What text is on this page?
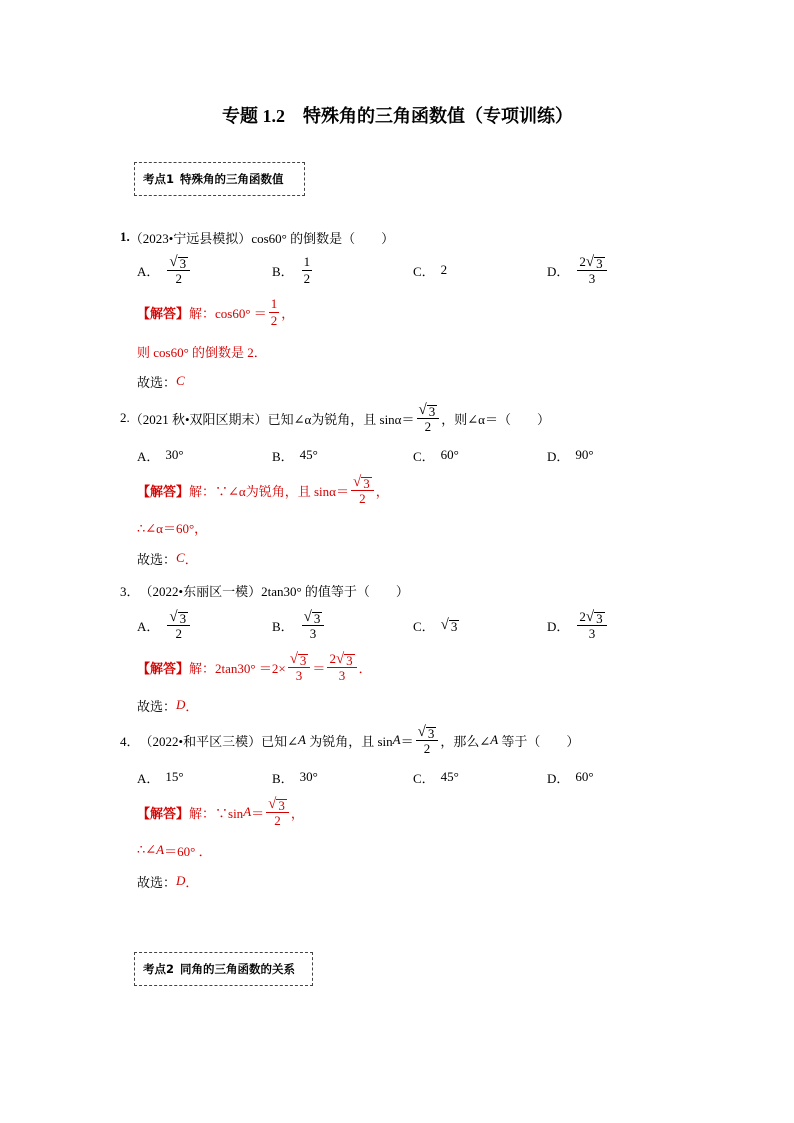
专题 1.2　特殊角的三角函数值（专项训练）
考点1 特殊角的三角函数值
1. （2023•宁远县模拟） cos60° 的倒数是（　　）
A． $\frac{√ 3}{2}$	B． $\frac{1}{2}$	C． 2	D． $\frac{2 √ 3}{3}$
【解答】 解：$\cos 60^\circ = \frac{1}{2}$ ，
则 cos60° 的倒数是 2．
故选： C
2. （2021 秋•双阳区期末） 已知∠α为锐角，且 $\sin\alpha= \frac{√ 3}{2}$ ，则∠α＝（　　）
A． 30°	B． 45°	C． 60°	D． 90°
【解答】 解：∵∠α为锐角，且 $\sin\alpha= \frac{√ 3}{2}$ ，
∴∠α＝60°，
故选： C ．
3． （2022•东丽区一模） 2tan30° 的值等于（　　）
A． $\frac{√ 3}{2}$	B． $\frac{√ 3}{3}$	C． √ 3	D． $\frac{2 √ 3}{3}$
【解答】 解：$2\tan 30^\circ =2\times \frac{√ 3}{3} = \frac{2 √ 3}{3}$ ．
故选： D ．
4． （2022•和平区三模） 已知∠ A 为锐角，且 $\sin A = \frac{√ 3}{2}$ ，那么∠ A 等于（　　）
A． 15°	B． 30°	C． 45°	D． 60°
【解答】 解：∵sin $A = \frac{√ 3}{2}$ ，
∴∠ A ＝60° ．
故选： D ．
考点2 同角的三角函数的关系
